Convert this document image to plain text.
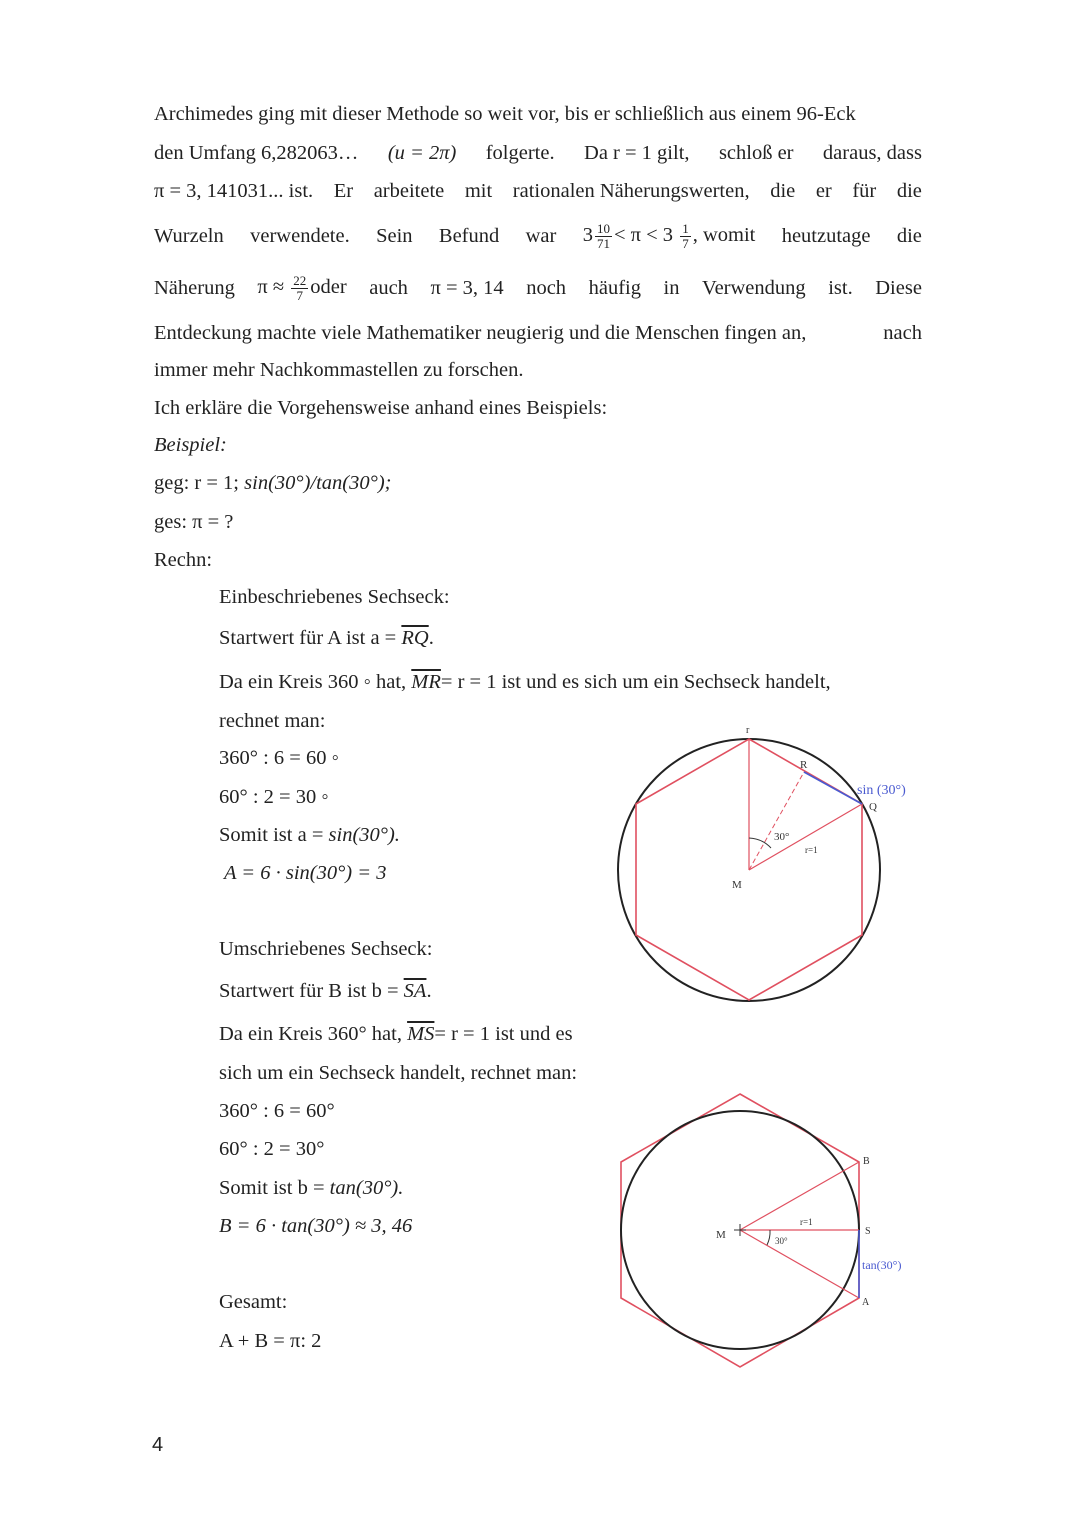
Archimedes ging mit dieser Methode so weit vor, bis er schließlich aus einem 96-Eck
den Umfang 6,282063… (u = 2π) folgerte. Da r = 1 gilt, schloß er daraus, dass
π = 3, 141031... ist. Er arbeitete mit rationalen Näherungswerten, die er für die
Wurzeln verwendete. Sein Befund war $3 \frac{10}{71} < \pi < 3 \frac{1}{7}$ , womit heutzutage die
Näherung $\pi \approx \frac{22}{7}$ oder auch π = 3, 14 noch häufig in Verwendung ist. Diese
Entdeckung machte viele Mathematiker neugierig und die Menschen fingen an,	nach
immer mehr Nachkommastellen zu forschen.
Ich erkläre die Vorgehensweise anhand eines Beispiels:
Beispiel:
geg: r = 1; sin(30°)/tan(30°);
ges: π = ?
Rechn:
Einbeschriebenes Sechseck:
Startwert für A ist $a = \overline{RQ}$.
Da ein Kreis 360 ◦ hat, $\overline{MR}= r = 1$ ist und es sich um ein Sechseck handelt,
rechnet man:
360° : 6 = 60 ◦
60° : 2 = 30 ◦
Somit ist a = sin(30°).
A = 6 · sin(30°) = 3
Umschriebenes Sechseck:
Startwert für B ist $b = \overline{SA}$.
Da ein Kreis 360° hat, $\overline{MS}= r = 1$ ist und es
sich um ein Sechseck handelt, rechnet man:
360° : 6 = 60°
60° : 2 = 30°
Somit ist b = tan(30°).
B = 6 · tan(30°) ≈ 3, 46
Gesamt:
A + B = π: 2
r
R
Q
sin (30°)
30°
r=1
M
M
B
S
A
tan(30°)
30°
r=1
4
